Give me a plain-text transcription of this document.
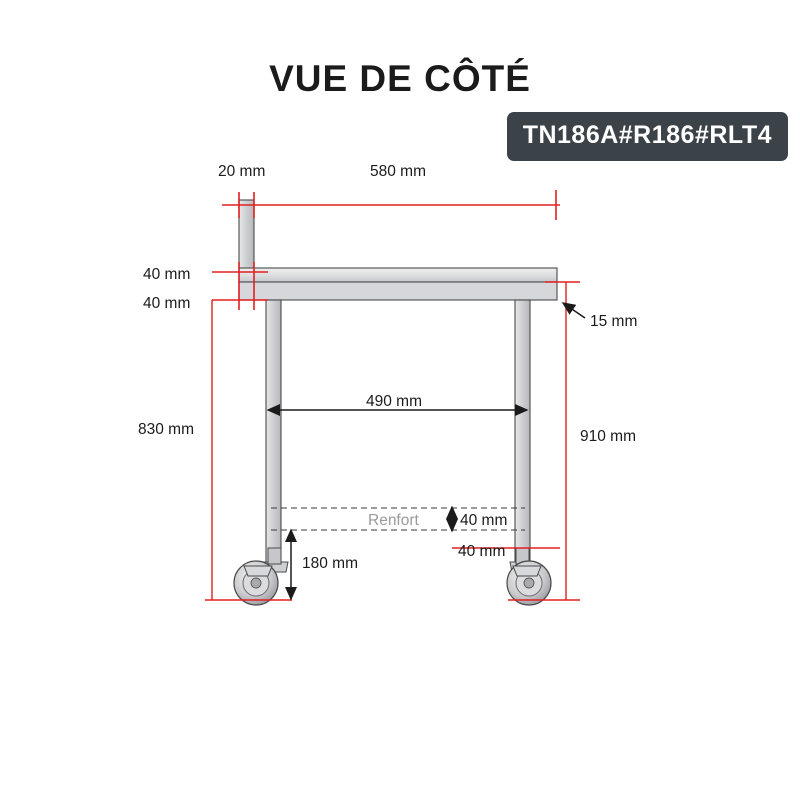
VUE DE CÔTÉ
TN186A#R186#RLT4
20 mm	580 mm
40 mm
40 mm
15 mm
490 mm
830 mm	910 mm
Renfort	40 mm
40 mm
180 mm
